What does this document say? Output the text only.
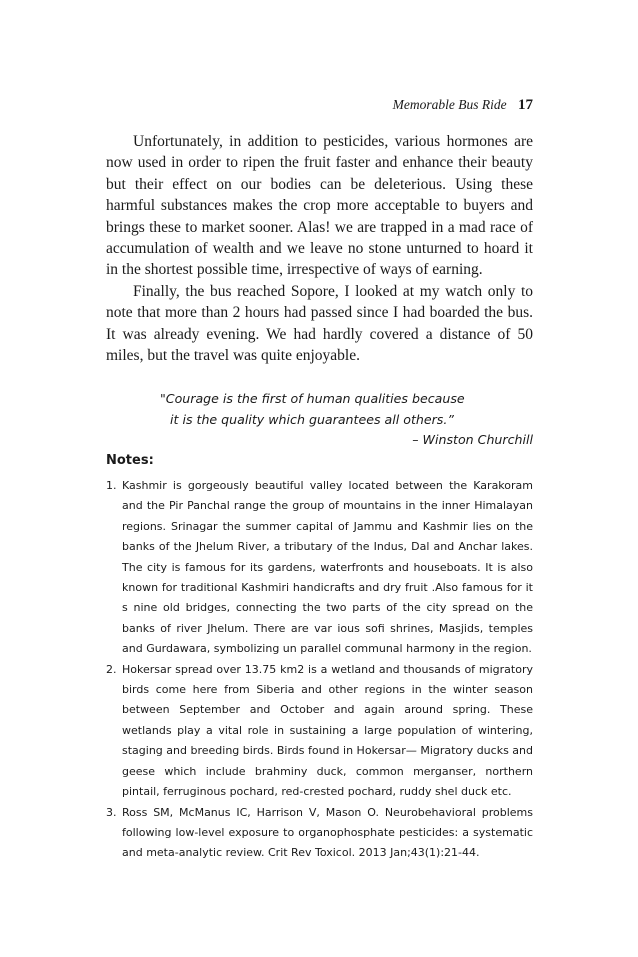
Memorable Bus Ride 17

Unfortunately, in addition to pesticides, various hormones are now used in order to ripen the fruit faster and enhance their beauty but their effect on our bodies can be deleterious. Using these harmful substances makes the crop more acceptable to buyers and brings these to market sooner. Alas! we are trapped in a mad race of accumulation of wealth and we leave no stone unturned to hoard it in the shortest possible time, irrespective of ways of earning.

Finally, the bus reached Sopore, I looked at my watch only to note that more than 2 hours had passed since I had boarded the bus. It was already evening. We had hardly covered a distance of 50 miles, but the travel was quite enjoyable.

"Courage is the first of human qualities because
it is the quality which guarantees all others.”
– Winston Churchill
Notes:
1. Kashmir is gorgeously beautiful valley located between the Karakoram and the Pir Panchal range the group of mountains in the inner Himalayan regions. Srinagar the summer capital of Jammu and Kashmir lies on the banks of the Jhelum River, a tributary of the Indus, Dal and Anchar lakes. The city is famous for its gardens, waterfronts and houseboats. It is also known for traditional Kashmiri handicrafts and dry fruit .Also famous for it s nine old bridges, connecting the two parts of the city spread on the banks of river Jhelum. There are var ious sofi shrines, Masjids, temples and Gurdawara, symbolizing un parallel communal harmony in the region.
2. Hokersar spread over 13.75 km2 is a wetland and thousands of migratory birds come here from Siberia and other regions in the winter season between September and October and again around spring. These wetlands play a vital role in sustaining a large population of wintering, staging and breeding birds. Birds found in Hokersar— Migratory ducks and geese which include brahminy duck, common merganser, northern pintail, ferruginous pochard, red-crested pochard, ruddy shel duck etc.
3. Ross SM, McManus IC, Harrison V, Mason O. Neurobehavioral problems following low-level exposure to organophosphate pesticides: a systematic and meta-analytic review. Crit Rev Toxicol. 2013 Jan;43(1):21-44.
